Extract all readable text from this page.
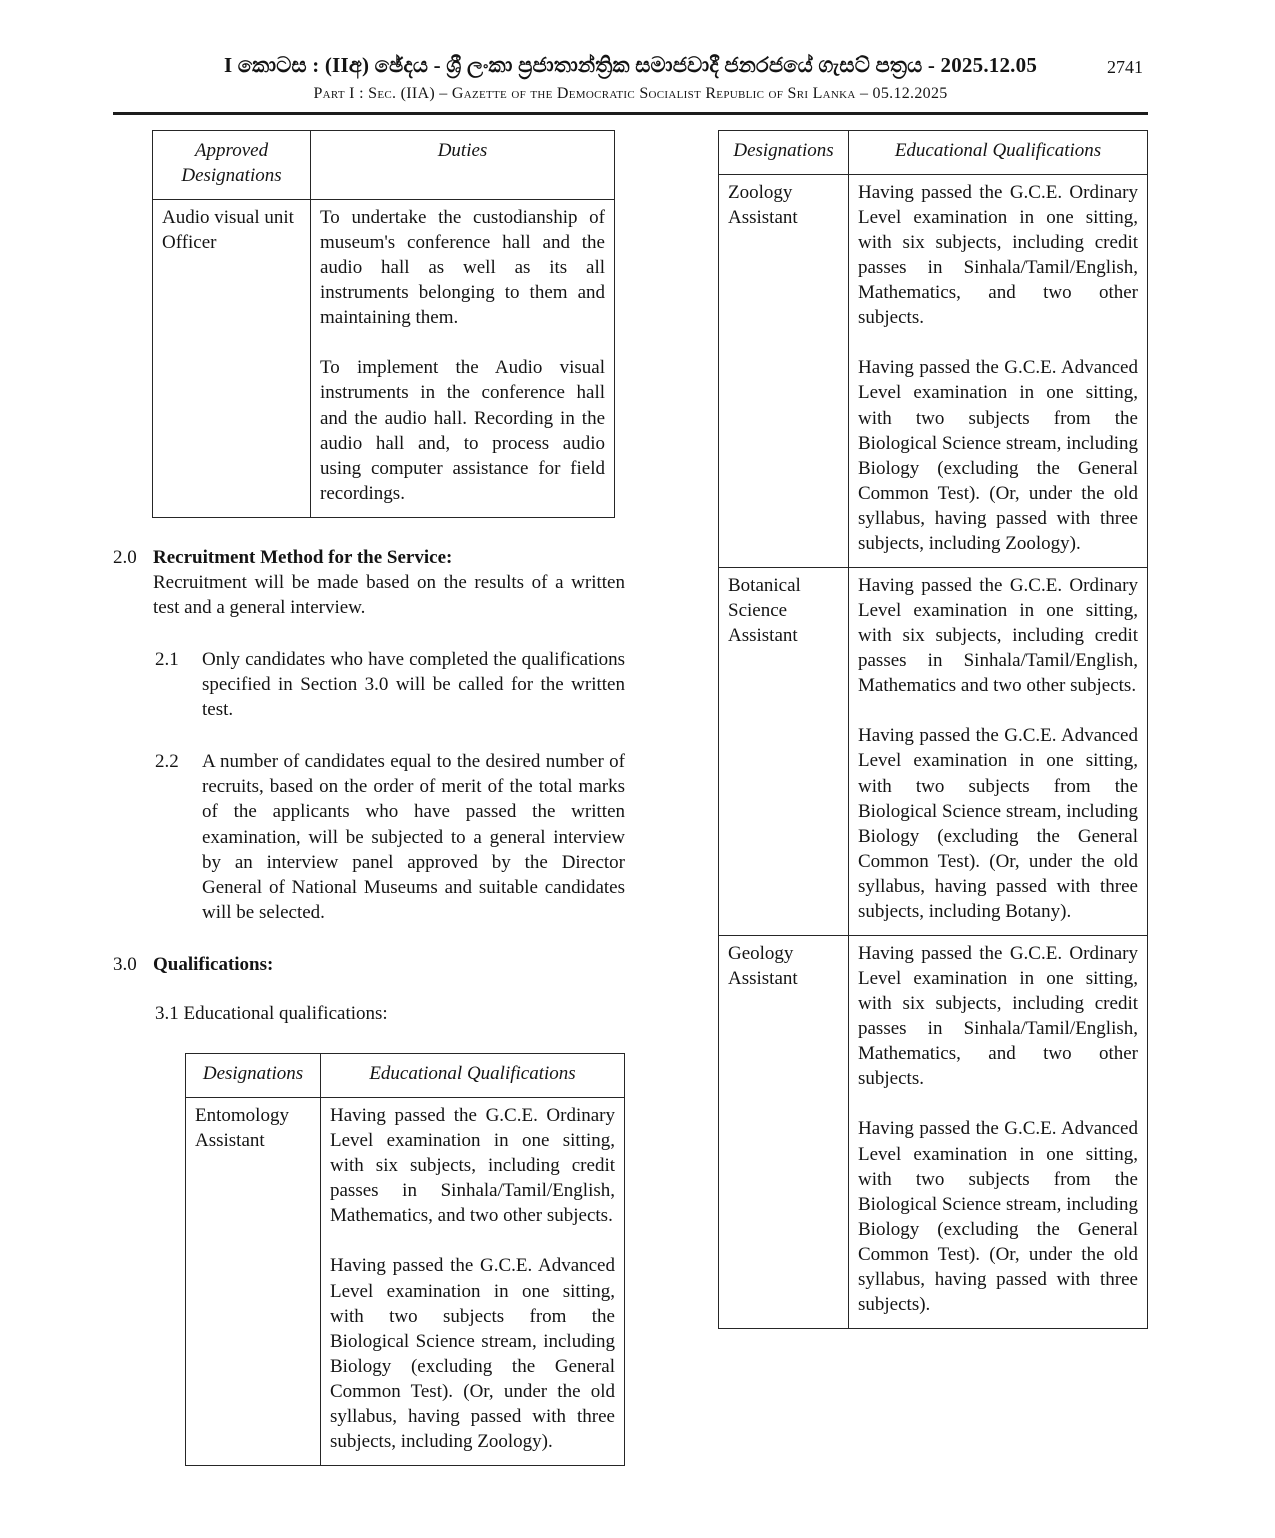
I කොටස : (IIඅ) ඡේදය - ශ්‍රී ලංකා ප්‍රජාතාන්ත්‍රික සමාජවාදී ජනරජයේ ගැසට් පත්‍රය - 2025.12.05
Part I : Sec. (IIA) – Gazette of the Democratic Socialist Republic of Sri Lanka – 05.12.2025
2741
Approved Designations	Duties
Audio visual unit Officer	To undertake the custodianship of museum's conference hall and the audio hall as well as its all instruments belonging to them and maintaining them.

To implement the Audio visual instruments in the conference hall and the audio hall. Recording in the audio hall and, to process audio using computer assistance for field recordings.

2.0 Recruitment Method for the Service:

Recruitment will be made based on the results of a written test and a general interview.

2.1	Only candidates who have completed the qualifications specified in Section 3.0 will be called for the written test.

2.2	A number of candidates equal to the desired number of recruits, based on the order of merit of the total marks of the applicants who have passed the written examination, will be subjected to a general interview by an interview panel approved by the Director General of National Museums and suitable candidates will be selected.

3.0 Qualifications:
3.1 Educational qualifications:
Designations	Educational Qualifications
Entomology Assistant	Having passed the G.C.E. Ordinary Level examination in one sitting, with six subjects, including credit passes in Sinhala/Tamil/English, Mathematics, and two other subjects.

Having passed the G.C.E. Advanced Level examination in one sitting, with two subjects from the Biological Science stream, including Biology (excluding the General Common Test). (Or, under the old syllabus, having passed with three subjects, including Zoology).

Designations	Educational Qualifications
Zoology Assistant	Having passed the G.C.E. Ordinary Level examination in one sitting, with six subjects, including credit passes in Sinhala/Tamil/English, Mathematics, and two other subjects.

Having passed the G.C.E. Advanced Level examination in one sitting, with two subjects from the Biological Science stream, including Biology (excluding the General Common Test). (Or, under the old syllabus, having passed with three subjects, including Zoology).

Botanical Science Assistant	Having passed the G.C.E. Ordinary Level examination in one sitting, with six subjects, including credit passes in Sinhala/Tamil/English, Mathematics and two other subjects.

Having passed the G.C.E. Advanced Level examination in one sitting, with two subjects from the Biological Science stream, including Biology (excluding the General Common Test). (Or, under the old syllabus, having passed with three subjects, including Botany).

Geology Assistant	Having passed the G.C.E. Ordinary Level examination in one sitting, with six subjects, including credit passes in Sinhala/Tamil/English, Mathematics, and two other subjects.

Having passed the G.C.E. Advanced Level examination in one sitting, with two subjects from the Biological Science stream, including Biology (excluding the General Common Test). (Or, under the old syllabus, having passed with three subjects).
